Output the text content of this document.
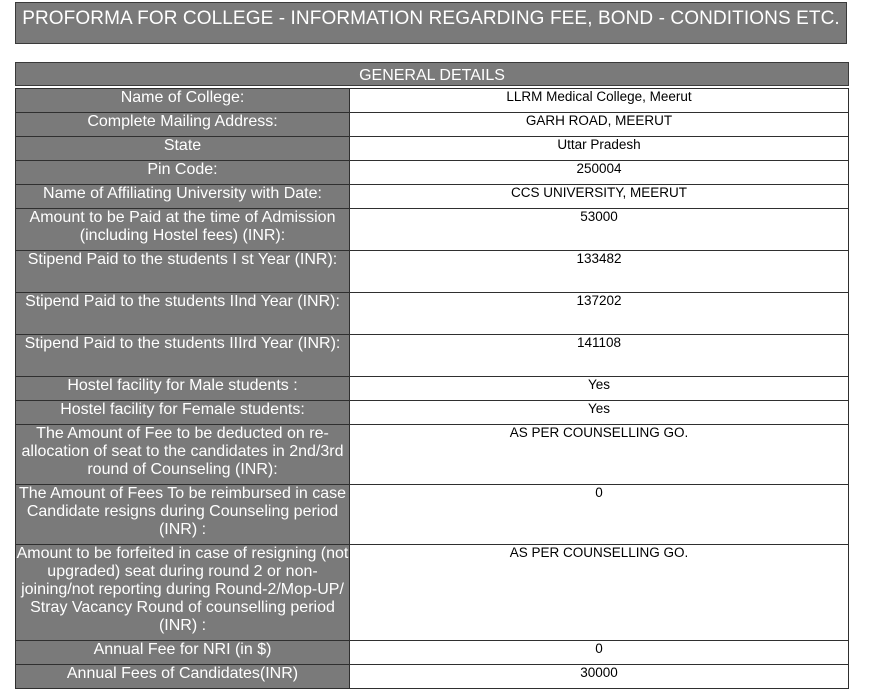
PROFORMA FOR COLLEGE - INFORMATION REGARDING FEE, BOND - CONDITIONS ETC.
GENERAL DETAILS
Name of College:	LLRM Medical College, Meerut
Complete Mailing Address:	GARH ROAD, MEERUT
State	Uttar Pradesh
Pin Code:	250004
Name of Affiliating University with Date:	CCS UNIVERSITY, MEERUT
Amount to be Paid at the time of Admission (including Hostel fees) (INR):	53000
Stipend Paid to the students I st Year (INR):	133482
Stipend Paid to the students IInd Year (INR):	137202
Stipend Paid to the students IIIrd Year (INR):	141108
Hostel facility for Male students :	Yes
Hostel facility for Female students:	Yes
The Amount of Fee to be deducted on re-allocation of seat to the candidates in 2nd/3rd round of Counseling (INR):	AS PER COUNSELLING GO.
The Amount of Fees To be reimbursed in case Candidate resigns during Counseling period (INR) :	0
Amount to be forfeited in case of resigning (not upgraded) seat during round 2 or non-joining/not reporting during Round-2/Mop-UP/ Stray Vacancy Round of counselling period (INR) :	AS PER COUNSELLING GO.
Annual Fee for NRI (in $)	0
Annual Fees of Candidates(INR)	30000
